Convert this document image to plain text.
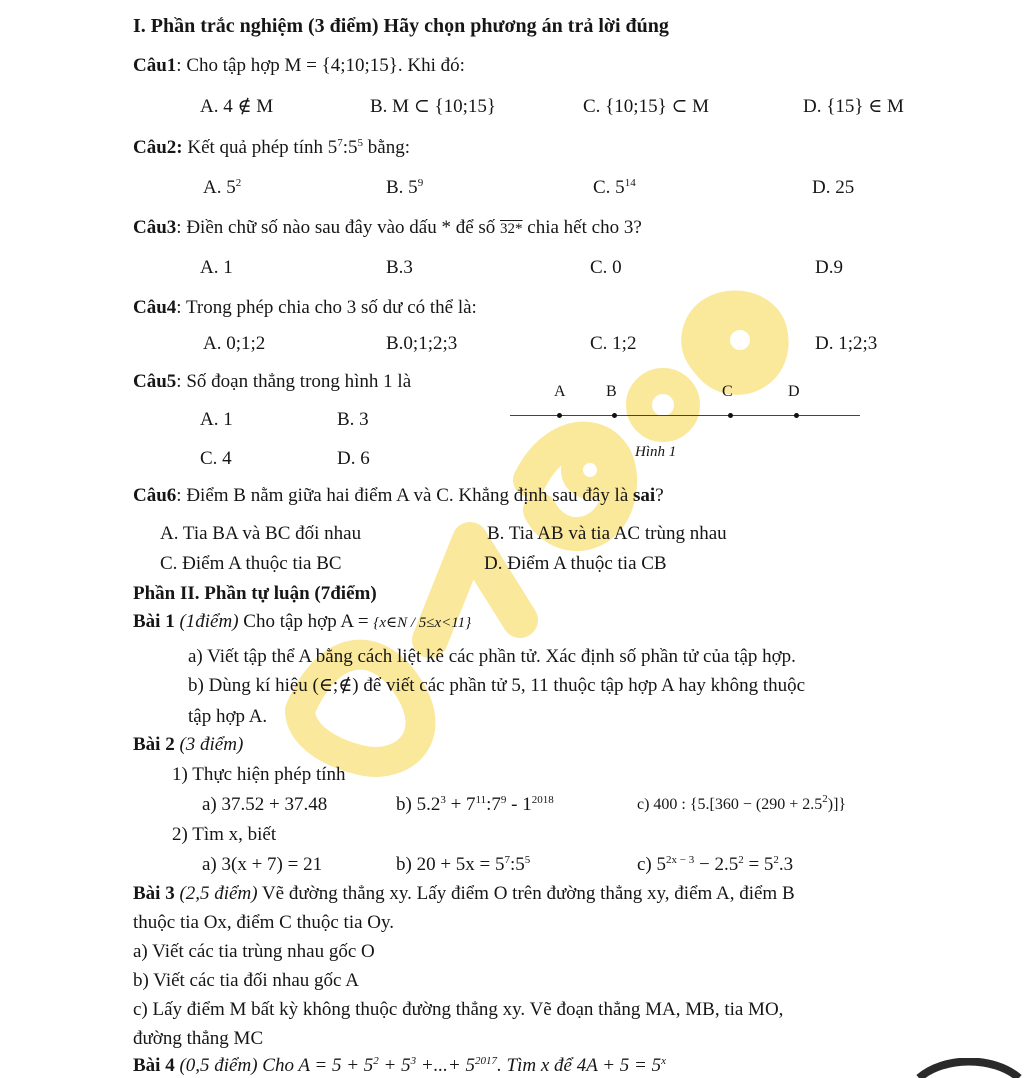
I. Phần trắc nghiệm (3 điểm) Hãy chọn phương án trả lời đúng
Câu1: Cho tập hợp M = {4;10;15}. Khi đó:
A. 4 ∉ M	B. M ⊂ {10;15}	C. {10;15} ⊂ M	D. {15} ∈ M
Câu2: Kết quả phép tính $5^7:5^5$ bằng:
A. $5^2$	B. $5^9$	C. $5^{14}$	D. 25
Câu3: Điền chữ số nào sau đây vào dấu * để số 32* chia hết cho 3?
A. 1	B.3	C. 0	D.9
Câu4: Trong phép chia cho 3 số dư có thể là:
A. 0;1;2	B.0;1;2;3	C. 1;2	D. 1;2;3
Câu5: Số đoạn thẳng trong hình 1 là
A. 1	B. 3
C. 4	D. 6
A	B	C	D
Hình 1
Câu6: Điểm B nằm giữa hai điểm A và C. Khẳng định sau đây là sai?
A. Tia BA và BC đối nhau	B. Tia AB và tia AC trùng nhau
C. Điểm A thuộc tia BC	D. Điểm A thuộc tia CB
Phần II. Phần tự luận (7điểm)
Bài 1 (1điểm) Cho tập hợp A = {x∈N / 5≤x<11}
a) Viết tập thể A bằng cách liệt kê các phần tử. Xác định số phần tử của tập hợp.
b) Dùng kí hiệu (∈;∉) để viết các phần tử 5, 11 thuộc tập hợp A hay không thuộc
tập hợp A.
Bài 2 (3 điểm)
1) Thực hiện phép tính
a) 37.52 + 37.48	b) $5.2^3$ + $7^{11}:7^9 - 1^{2018}$	c) 400 : $\{5.[360 - (290 + 2.5^2)]\}$
2) Tìm x, biết
a) 3(x + 7) = 21	b) $20 + 5x = 5^7:5^5$	c) $5^{2x - 3} - 2.5^2 = 5^2.3$
Bài 3 (2,5 điểm) Vẽ đường thẳng xy. Lấy điểm O trên đường thẳng xy, điểm A, điểm B
thuộc tia Ox, điểm C thuộc tia Oy.
a) Viết các tia trùng nhau gốc O
b) Viết các tia đối nhau gốc A
c) Lấy điểm M bất kỳ không thuộc đường thẳng xy. Vẽ đoạn thẳng MA, MB, tia MO,
đường thẳng MC
Bài 4 (0,5 điểm) Cho $A = 5 + 5^2 + 5^3$ +...+ $5^{2017}$. Tìm x để $4A + 5 = 5^x$
